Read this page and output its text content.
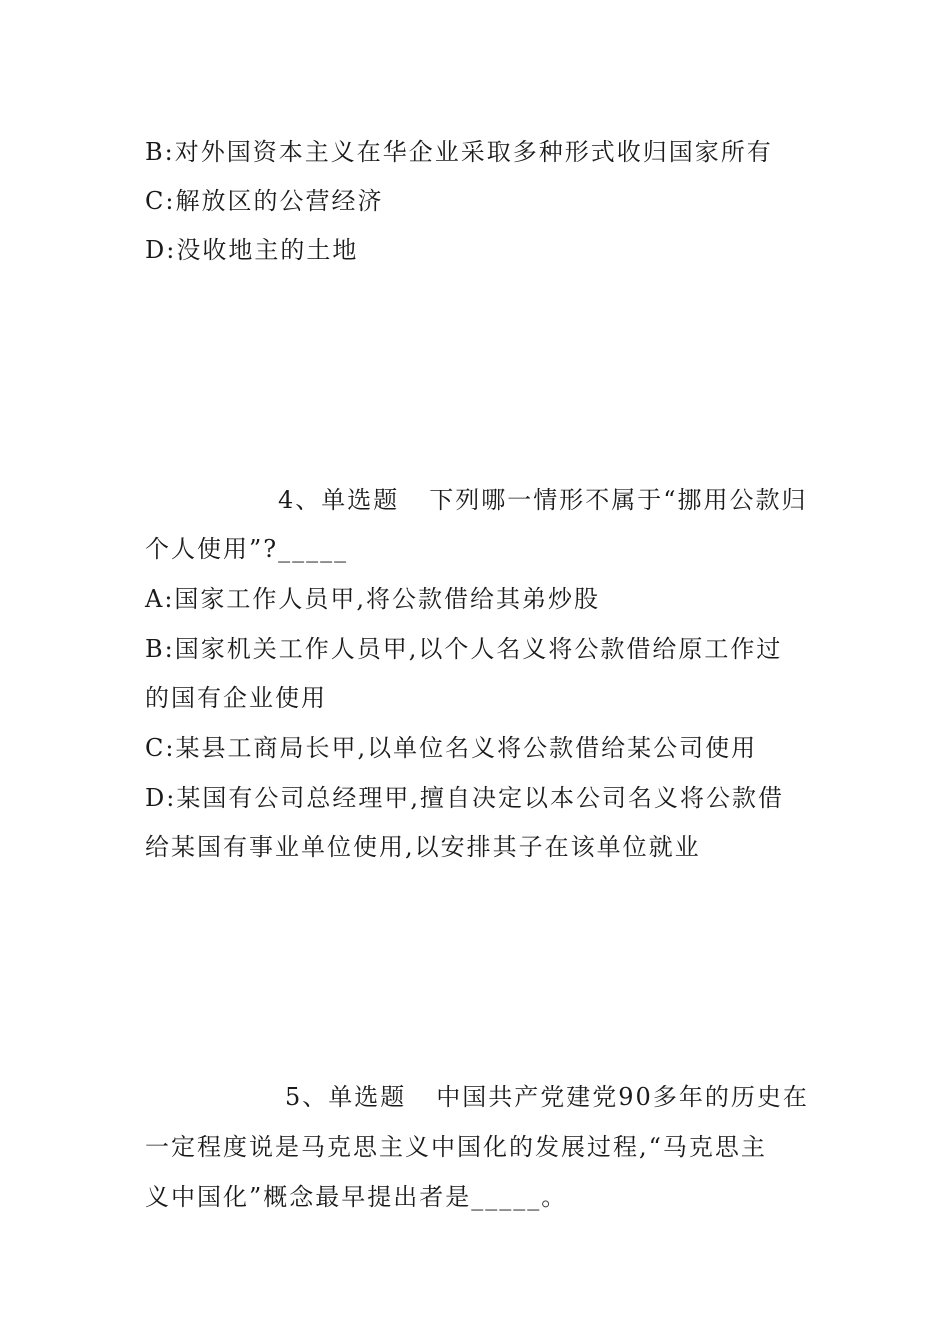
B:对外国资本主义在华企业采取多种形式收归国家所有
C:解放区的公营经济
D:没收地主的土地
4、单选题 下列哪一情形不属于“挪用公款归
个人使用”?_____
A:国家工作人员甲,将公款借给其弟炒股
B:国家机关工作人员甲,以个人名义将公款借给原工作过
的国有企业使用
C:某县工商局长甲,以单位名义将公款借给某公司使用
D:某国有公司总经理甲,擅自决定以本公司名义将公款借
给某国有事业单位使用,以安排其子在该单位就业
5、单选题 中国共产党建党90多年的历史在
一定程度说是马克思主义中国化的发展过程,“马克思主
义中国化”概念最早提出者是_____。
